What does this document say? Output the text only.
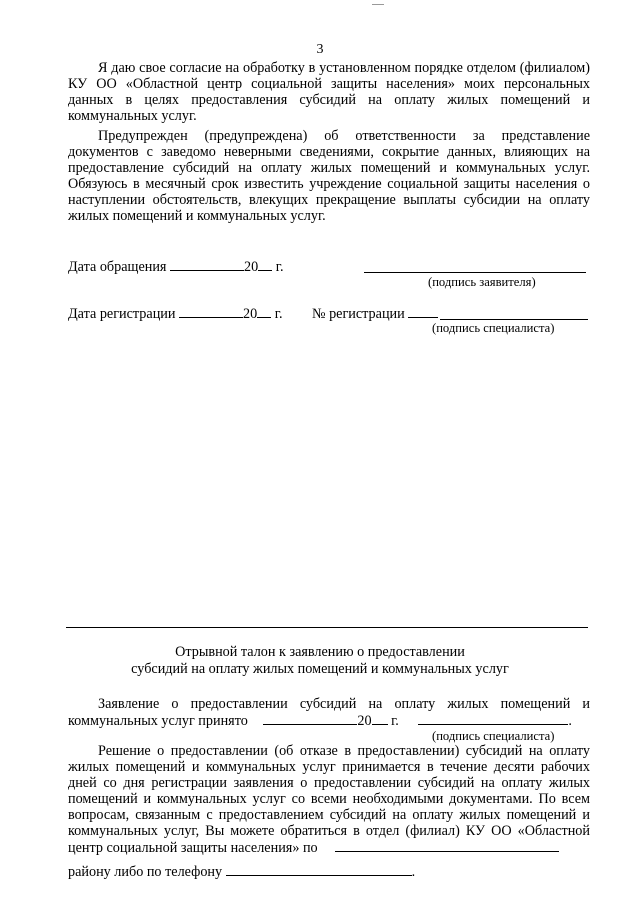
3

Я даю свое согласие на обработку в установленном порядке отделом (филиалом) КУ ОО «Областной центр социальной защиты населения» моих персональных данных в целях предоставления субсидий на оплату жилых помещений и коммунальных услуг.

Предупрежден (предупреждена) об ответственности за представление документов с заведомо неверными сведениями, сокрытие данных, влияющих на предоставление субсидий на оплату жилых помещений и коммунальных услуг. Обязуюсь в месячный срок известить учреждение социальной защиты населения о наступлении обстоятельств, влекущих прекращение выплаты субсидии на оплату жилых помещений и коммунальных услуг.

Дата обращения	20 г.
(подпись заявителя)
Дата регистрации	20 г. № регистрации
(подпись специалиста)
Отрывной талон к заявлению о предоставлении
субсидий на оплату жилых помещений и коммунальных услуг

Заявление о предоставлении субсидий на оплату жилых помещений и

коммунальных услуг принято	20 г.	.
(подпись специалиста)

Решение о предоставлении (об отказе в предоставлении) субсидий на оплату жилых помещений и коммунальных услуг принимается в течение десяти рабочих дней со дня регистрации заявления о предоставлении субсидий на оплату жилых помещений и коммунальных услуг со всеми необходимыми документами. По всем вопросам, связанным с предоставлением субсидий на оплату жилых помещений и коммунальных услуг, Вы можете обратиться в отдел (филиал) КУ ОО «Областной центр социальной защиты населения» по

району либо по телефону	.
